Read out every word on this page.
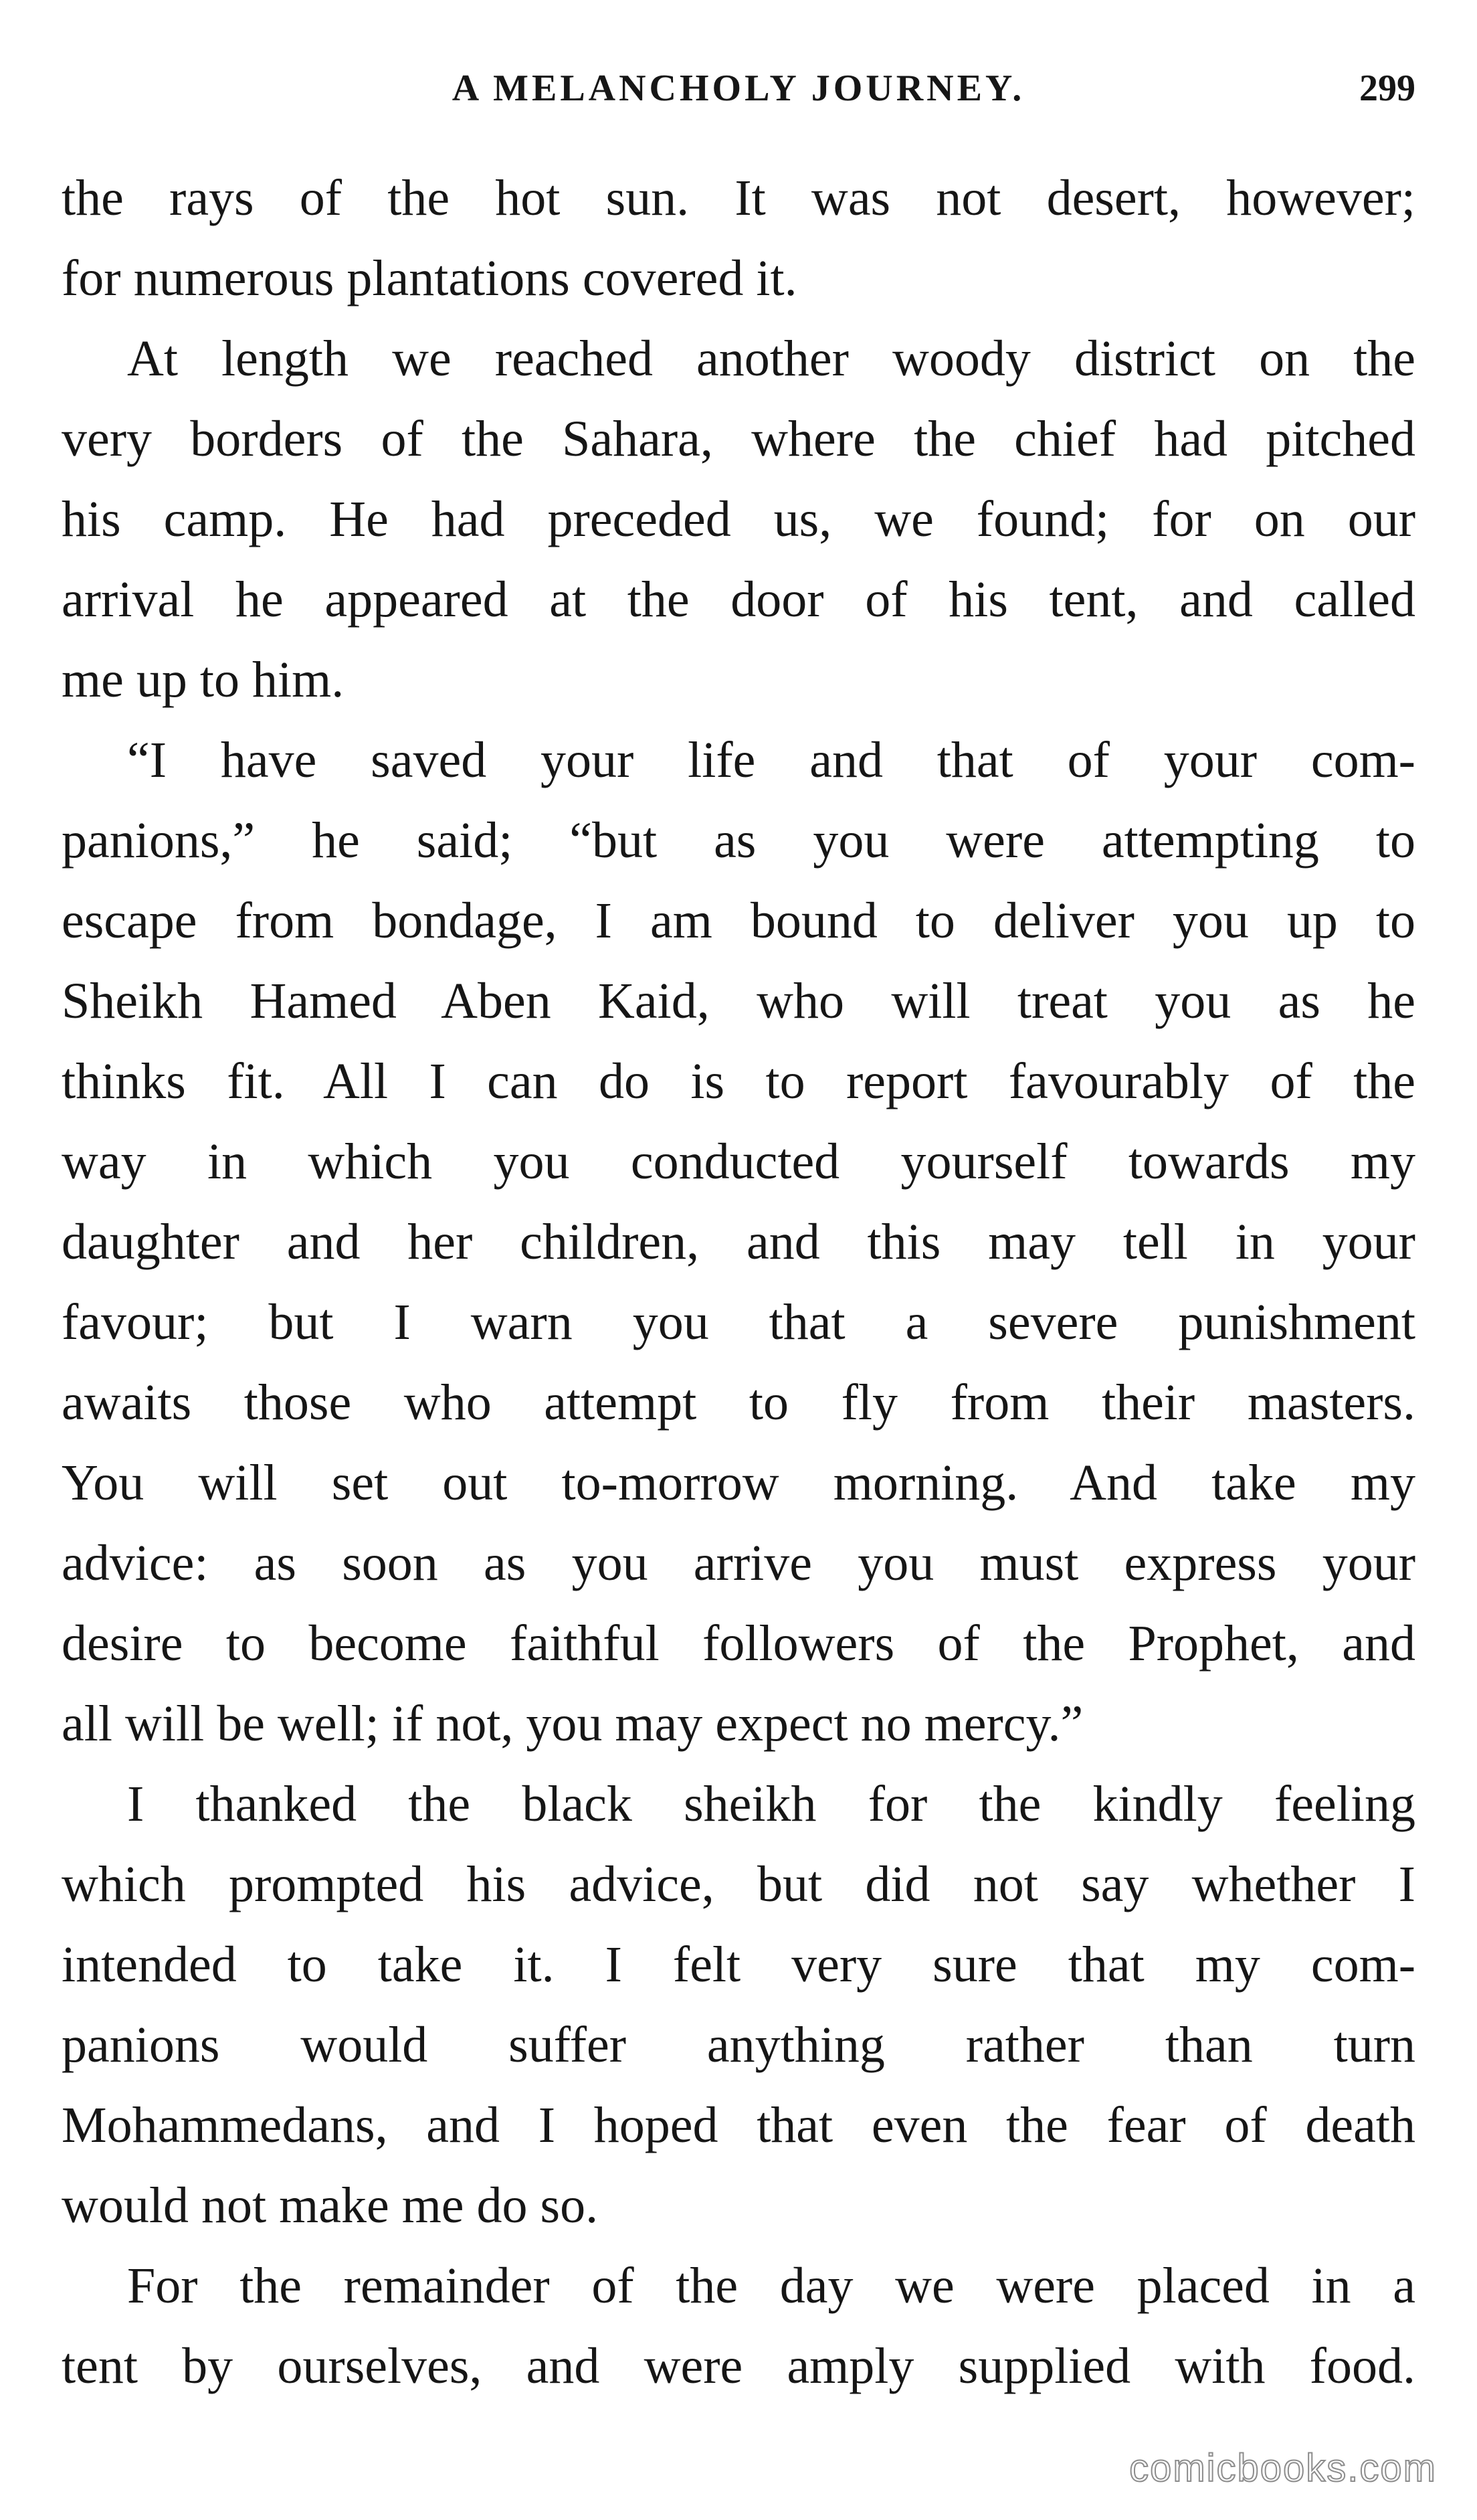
A MELANCHOLY JOURNEY.	299
the rays of the hot sun. It was not desert, however;
for numerous plantations covered it.
At length we reached another woody district on the
very borders of the Sahara, where the chief had pitched
his camp. He had preceded us, we found; for on our
arrival he appeared at the door of his tent, and called
me up to him.
“I have saved your life and that of your com-
panions,” he said; “but as you were attempting to
escape from bondage, I am bound to deliver you up to
Sheikh Hamed Aben Kaid, who will treat you as he
thinks fit. All I can do is to report favourably of the
way in which you conducted yourself towards my
daughter and her children, and this may tell in your
favour; but I warn you that a severe punishment
awaits those who attempt to fly from their masters.
You will set out to-morrow morning. And take my
advice: as soon as you arrive you must express your
desire to become faithful followers of the Prophet, and
all will be well; if not, you may expect no mercy.”
I thanked the black sheikh for the kindly feeling
which prompted his advice, but did not say whether I
intended to take it. I felt very sure that my com-
panions would suffer anything rather than turn
Mohammedans, and I hoped that even the fear of death
would not make me do so.
For the remainder of the day we were placed in a
tent by ourselves, and were amply supplied with food.
comicbooks.com
